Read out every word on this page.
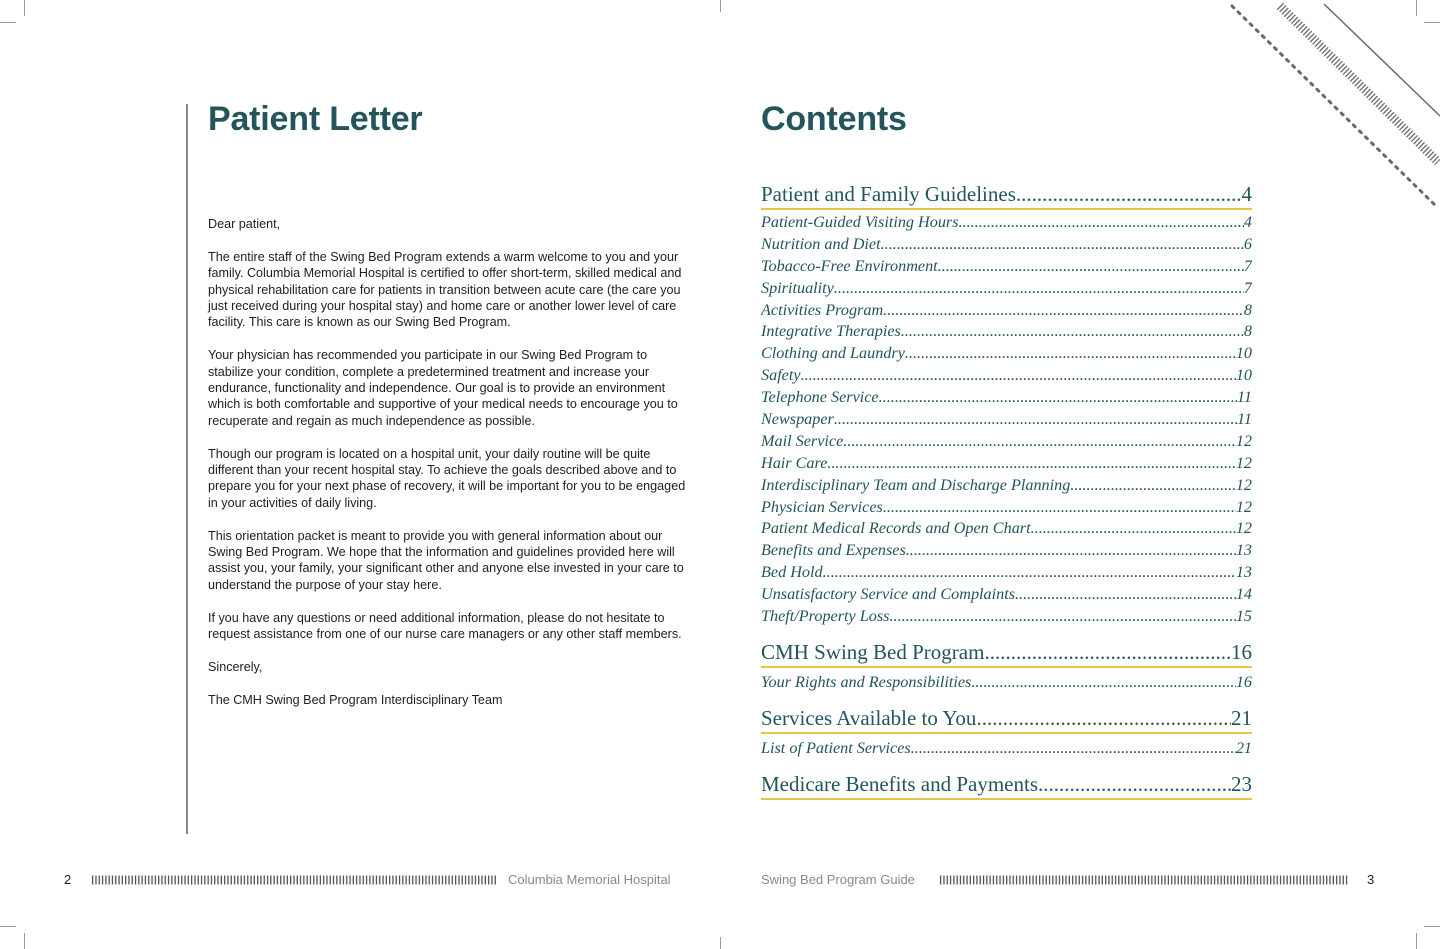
Patient Letter

Dear patient,

The entire staff of the Swing Bed Program extends a warm welcome to you and your family. Columbia Memorial Hospital is certified to offer short-term, skilled medical and physical rehabilitation care for patients in transition between acute care (the care you just received during your hospital stay) and home care or another lower level of care facility. This care is known as our Swing Bed Program.

Your physician has recommended you participate in our Swing Bed Program to stabilize your condition, complete a predetermined treatment and increase your endurance, functionality and independence. Our goal is to provide an environment which is both comfortable and supportive of your medical needs to encourage you to recuperate and regain as much independence as possible.

Though our program is located on a hospital unit, your daily routine will be quite different than your recent hospital stay. To achieve the goals described above and to prepare you for your next phase of recovery, it will be important for you to be engaged in your activities of daily living.

This orientation packet is meant to provide you with general information about our Swing Bed Program. We hope that the information and guidelines provided here will assist you, your family, your significant other and anyone else invested in your care to understand the purpose of your stay here.

If you have any questions or need additional information, please do not hesitate to request assistance from one of our nurse care managers or any other staff members.

Sincerely,

The CMH Swing Bed Program Interdisciplinary Team

2	Columbia Memorial Hospital
Contents
Patient and Family Guidelines .....	4
Patient-Guided Visiting Hours .....	4
Nutrition and Diet .....	6
Tobacco-Free Environment .....	7
Spirituality .....	7
Activities Program .....	8
Integrative Therapies .....	8
Clothing and Laundry .....	10
Safety .....	10
Telephone Service .....	11
Newspaper .....	11
Mail Service .....	12
Hair Care .....	12
Interdisciplinary Team and Discharge Planning .....	12
Physician Services .....	12
Patient Medical Records and Open Chart .....	12
Benefits and Expenses .....	13
Bed Hold .....	13
Unsatisfactory Service and Complaints .....	14
Theft/Property Loss .....	15
CMH Swing Bed Program .....	16
Your Rights and Responsibilities .....	16
Services Available to You .....	21
List of Patient Services .....	21
Medicare Benefits and Payments .....	23
Swing Bed Program Guide	3
